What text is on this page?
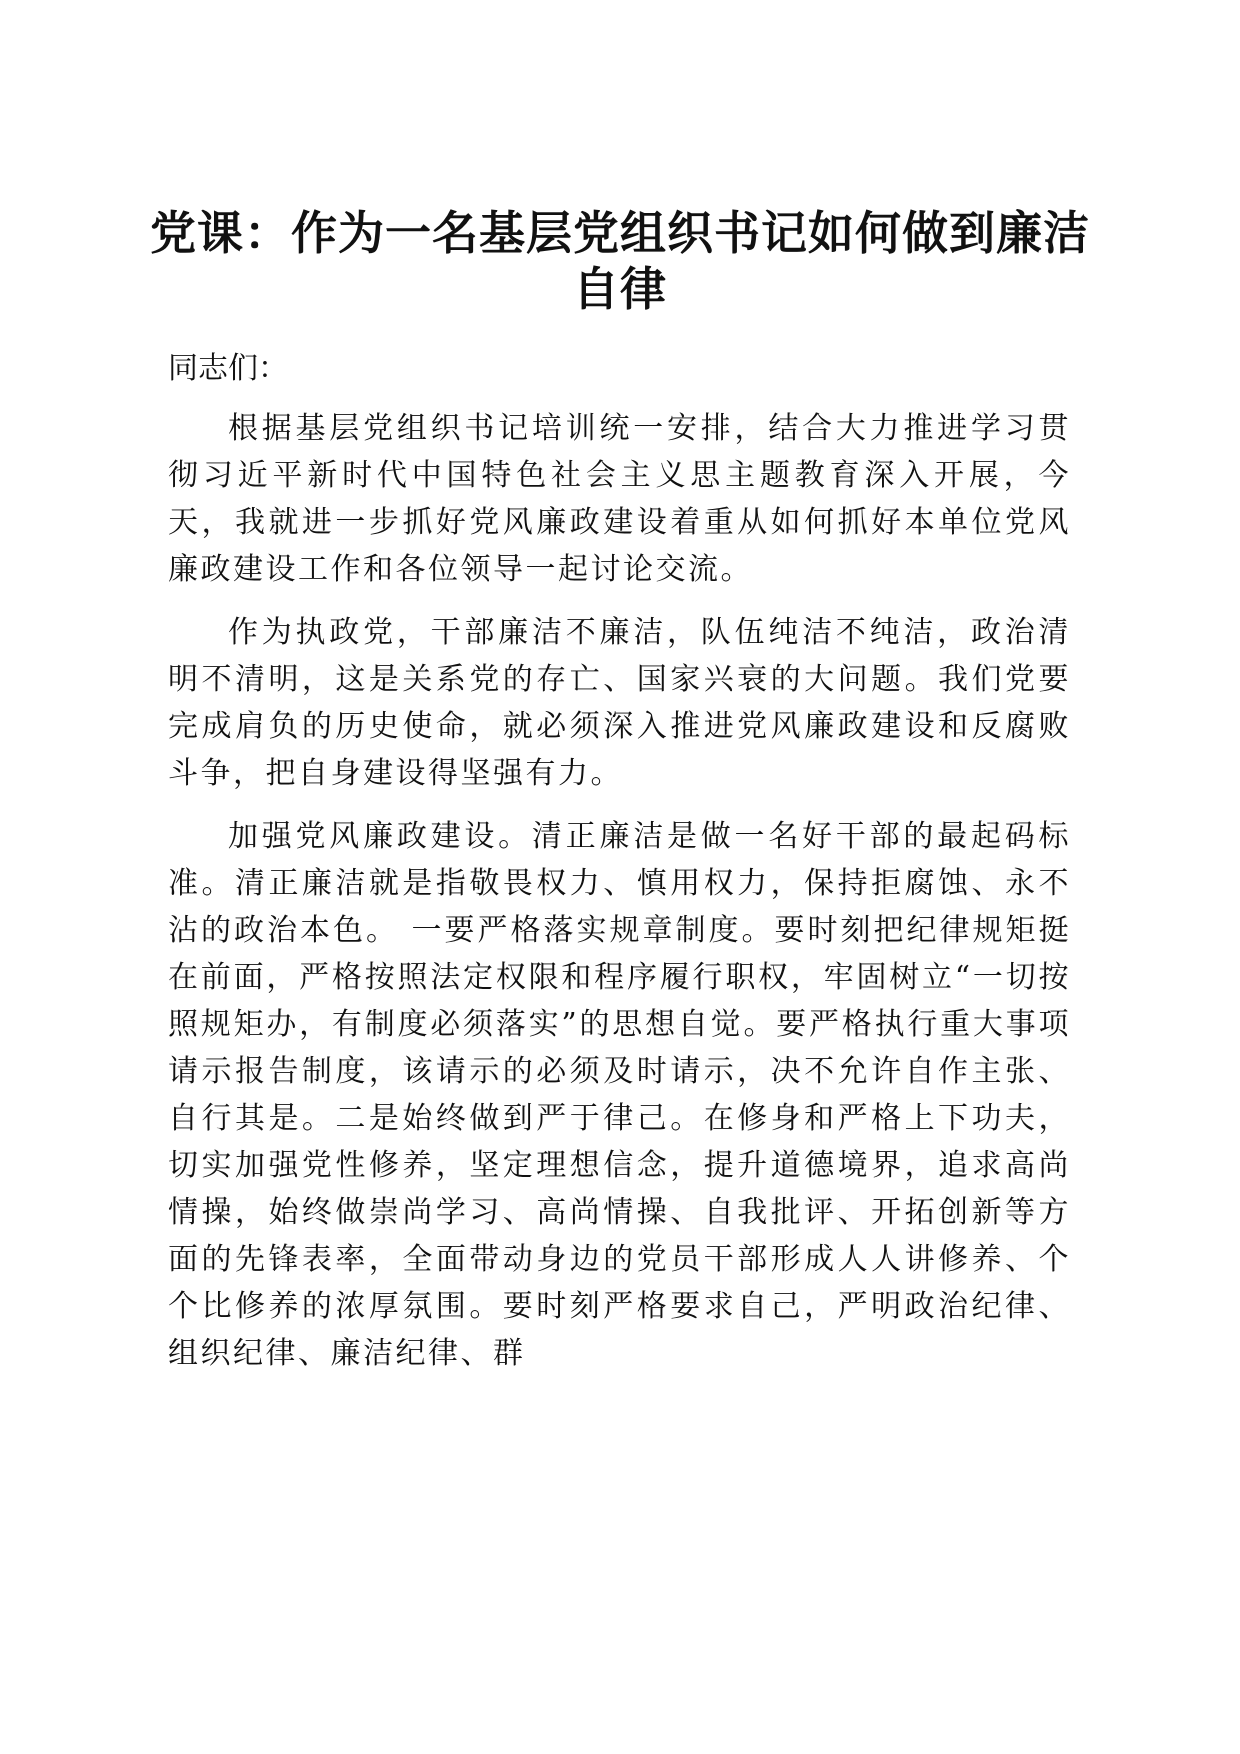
党课：作为一名基层党组织书记如何做到廉洁自律
同志们：

根据基层党组织书记培训统一安排，结合大力推进学习贯彻习近平新时代中国特色社会主义思主题教育深入开展，今天，我就进一步抓好党风廉政建设着重从如何抓好本单位党风廉政建设工作和各位领导一起讨论交流。

作为执政党，干部廉洁不廉洁，队伍纯洁不纯洁，政治清明不清明，这是关系党的存亡、国家兴衰的大问题。我们党要完成肩负的历史使命，就必须深入推进党风廉政建设和反腐败斗争，把自身建设得坚强有力。

加强党风廉政建设。清正廉洁是做一名好干部的最起码标准。清正廉洁就是指敬畏权力、慎用权力，保持拒腐蚀、永不沾的政治本色。 一要严格落实规章制度。要时刻把纪律规矩挺在前面，严格按照法定权限和程序履行职权，牢固树立“一切按照规矩办，有制度必须落实”的思想自觉。要严格执行重大事项请示报告制度，该请示的必须及时请示，决不允许自作主张、自行其是。二是始终做到严于律己。在修身和严格上下功夫，切实加强党性修养，坚定理想信念，提升道德境界，追求高尚情操，始终做崇尚学习、高尚情操、自我批评、开拓创新等方面的先锋表率，全面带动身边的党员干部形成人人讲修养、个个比修养的浓厚氛围。要时刻严格要求自己，严明政治纪律、组织纪律、廉洁纪律、群
